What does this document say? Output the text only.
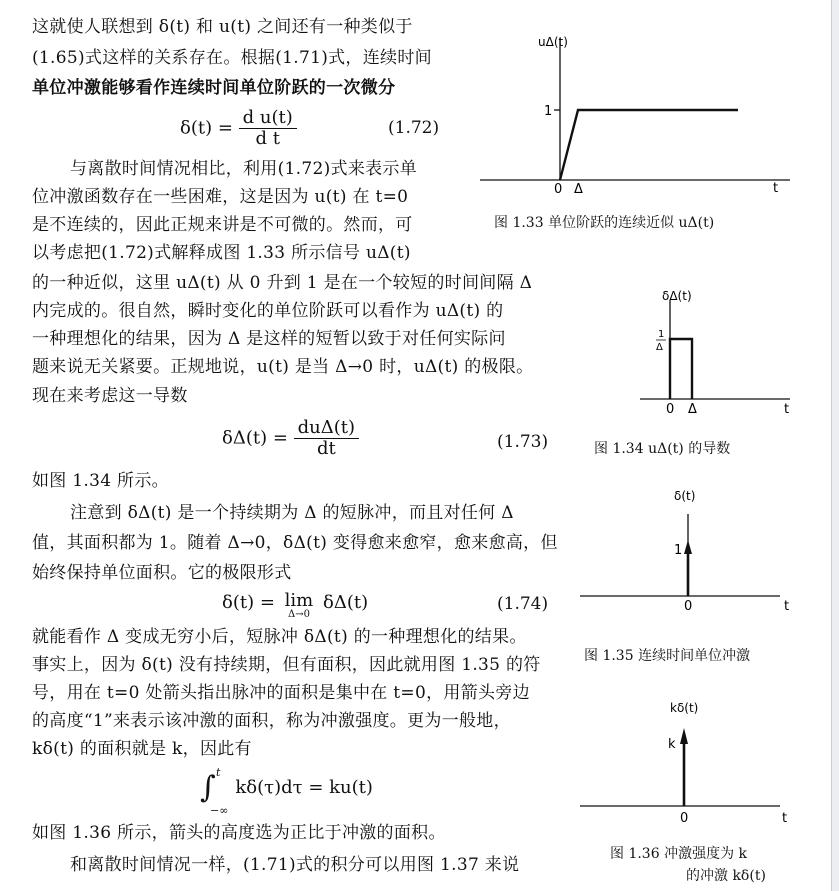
这就使人联想到 δ(t) 和 u(t) 之间还有一种类似于
(1.65)式这样的关系存在。根据(1.71)式，连续时间
单位冲激能够看作连续时间单位阶跃的一次微分
$\delta(t) = \frac{\text{d u(t)}}{\text{d t}}$	(1.72)
与离散时间情况相比，利用(1.72)式来表示单
位冲激函数存在一些困难，这是因为 u(t) 在 t=0
是不连续的，因此正规来讲是不可微的。然而，可
以考虑把(1.72)式解释成图 1.33 所示信号 uΔ(t)
的一种近似，这里 uΔ(t) 从 0 升到 1 是在一个较短的时间间隔 Δ
内完成的。很自然，瞬时变化的单位阶跃可以看作为 uΔ(t) 的
一种理想化的结果，因为 Δ 是这样的短暂以致于对任何实际问
题来说无关紧要。正规地说，u(t) 是当 Δ→0 时，uΔ(t) 的极限。
现在来考虑这一导数
$\delta\Delta(t) = \frac{\text{duΔ(t)}}{dt}$	(1.73)
如图 1.34 所示。
注意到 δΔ(t) 是一个持续期为 Δ 的短脉冲，而且对任何 Δ
值，其面积都为 1。随着 Δ→0，δΔ(t) 变得愈来愈窄，愈来愈高，但
始终保持单位面积。它的极限形式
δ(t) = lim
Δ→0
δΔ(t)	(1.74)
就能看作 Δ 变成无穷小后，短脉冲 δΔ(t) 的一种理想化的结果。
事实上，因为 δ(t) 没有持续期，但有面积，因此就用图 1.35 的符
号，用在 t=0 处箭头指出脉冲的面积是集中在 t=0，用箭头旁边
的高度“1”来表示该冲激的面积，称为冲激强度。更为一般地，
kδ(t) 的面积就是 k，因此有
∫ t
−∞
kδ(τ)dτ = ku(t)
如图 1.36 所示，箭头的高度选为正比于冲激的面积。
和离散时间情况一样，(1.71)式的积分可以用图 1.37 来说
uΔ(t)
1
0 Δ	t
图 1.33 单位阶跃的连续近似 uΔ(t)
δΔ(t)
1
Δ
0 Δ	t
图 1.34 uΔ(t) 的导数
δ(t)
1
0	t
图 1.35 连续时间单位冲激
kδ(t)
k
0	t
图 1.36 冲激强度为 k
的冲激 kδ(t)
